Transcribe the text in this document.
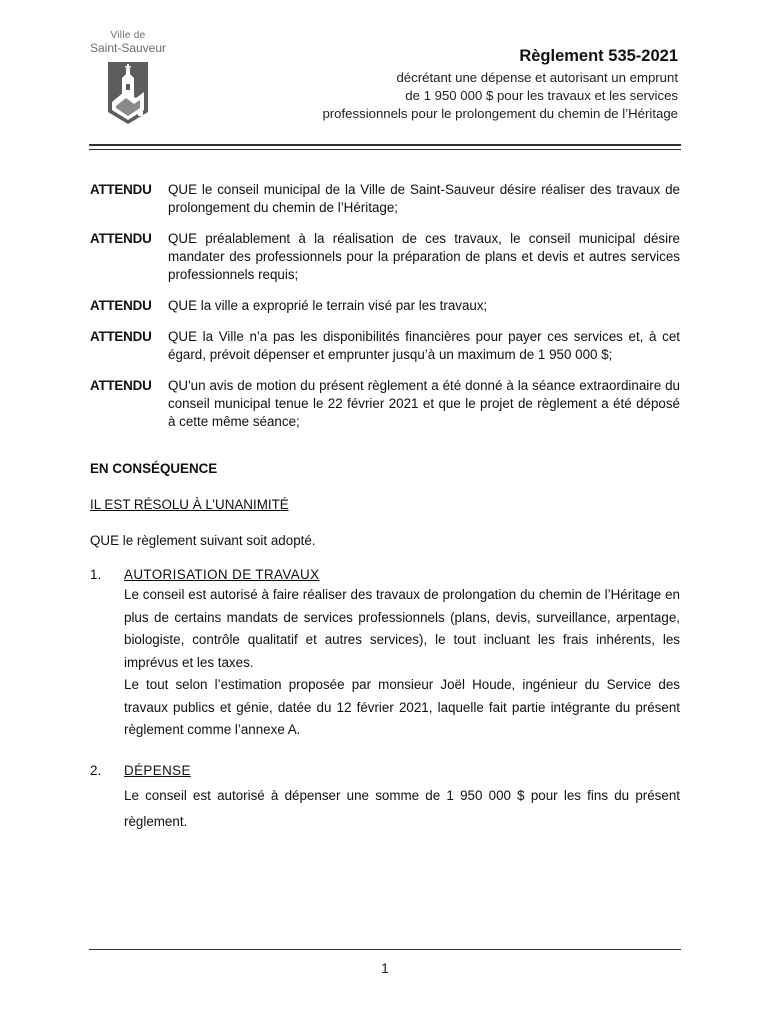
Ville de
Saint-Sauveur	Règlement 535-2021
décrétant une dépense et autorisant un emprunt
de 1 950 000 $ pour les travaux et les services
professionnels pour le prolongement du chemin de l’Héritage
ATTENDU	QUE le conseil municipal de la Ville de Saint-Sauveur désire réaliser des travaux de prolongement du chemin de l’Héritage;
ATTENDU	QUE préalablement à la réalisation de ces travaux, le conseil municipal désire mandater des professionnels pour la préparation de plans et devis et autres services professionnels requis;
ATTENDU	QUE la ville a exproprié le terrain visé par les travaux;
ATTENDU	QUE la Ville n’a pas les disponibilités financières pour payer ces services et, à cet égard, prévoit dépenser et emprunter jusqu’à un maximum de 1 950 000 $;
ATTENDU	QU'un avis de motion du présent règlement a été donné à la séance extraordinaire du conseil municipal tenue le 22 février 2021 et que le projet de règlement a été déposé à cette même séance;
EN CONSÉQUENCE
IL EST RÉSOLU À L’UNANIMITÉ
QUE le règlement suivant soit adopté.
1.	AUTORISATION DE TRAVAUX
Le conseil est autorisé à faire réaliser des travaux de prolongation du chemin de l’Héritage en plus de certains mandats de services professionnels (plans, devis, surveillance, arpentage, biologiste, contrôle qualitatif et autres services), le tout incluant les frais inhérents, les imprévus et les taxes.
Le tout selon l’estimation proposée par monsieur Joël Houde, ingénieur du Service des travaux publics et génie, datée du 12 février 2021, laquelle fait partie intégrante du présent règlement comme l’annexe A.
2.	DÉPENSE
Le conseil est autorisé à dépenser une somme de 1 950 000 $ pour les fins du présent règlement.
1
